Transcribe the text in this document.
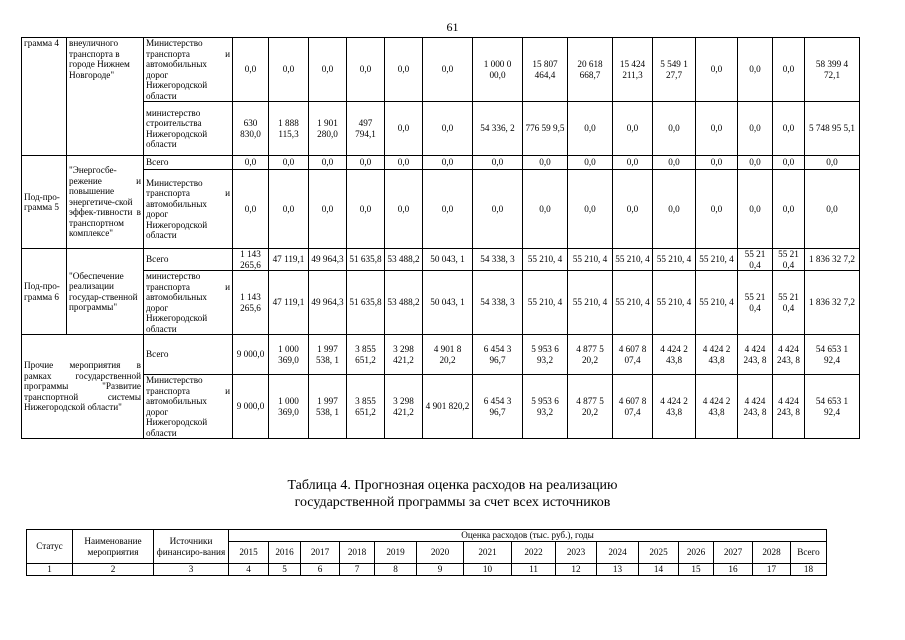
61
грамма 4	внеуличного транспорта в городе Нижнем Новгороде"	Министерство транспорта и автомобильных дорог Нижегородской области	0,0	0,0	0,0	0,0	0,0	0,0	1 000 0 00,0	15 807 464,4	20 618 668,7	15 424 211,3	5 549 1 27,7	0,0	0,0	0,0	58 399 4 72,1
		министерство строительства Нижегородской области	630 830,0	1 888 115,3	1 901 280,0	497 794,1	0,0	0,0	54 336, 2	776 59 9,5	0,0	0,0	0,0	0,0	0,0	0,0	5 748 95 5,1
Под-про-грамма 5	"Энергосбе-режение и повышение энергетиче-ской эффек-тивности в транспортном комплексе"	Всего	0,0	0,0	0,0	0,0	0,0	0,0	0,0	0,0	0,0	0,0	0,0	0,0	0,0	0,0	0,0
		Министерство транспорта и автомобильных дорог Нижегородской области	0,0	0,0	0,0	0,0	0,0	0,0	0,0	0,0	0,0	0,0	0,0	0,0	0,0	0,0	0,0
Под-про-грамма 6	"Обеспечение реализации государ-ственной программы"	Всего	1 143 265,6	47 119,1	49 964,3	51 635,8	53 488,2	50 043, 1	54 338, 3	55 210, 4	55 210, 4	55 210, 4	55 210, 4	55 210, 4	55 21 0,4	55 21 0,4	1 836 32 7,2
		министерство транспорта и автомобильных дорог Нижегородской области	1 143 265,6	47 119,1	49 964,3	51 635,8	53 488,2	50 043, 1	54 338, 3	55 210, 4	55 210, 4	55 210, 4	55 210, 4	55 210, 4	55 21 0,4	55 21 0,4	1 836 32 7,2
Прочие мероприятия в рамках государственной программы "Развитие транспортной системы Нижегородской области"		Всего	9 000,0	1 000 369,0	1 997 538, 1	3 855 651,2	3 298 421,2	4 901 8 20,2	6 454 3 96,7	5 953 6 93,2	4 877 5 20,2	4 607 8 07,4	4 424 2 43,8	4 424 2 43,8	4 424 243, 8	4 424 243, 8	54 653 1 92,4
		Министерство транспорта и автомобильных дорог Нижегородской области	9 000,0	1 000 369,0	1 997 538, 1	3 855 651,2	3 298 421,2	4 901 820,2	6 454 3 96,7	5 953 6 93,2	4 877 5 20,2	4 607 8 07,4	4 424 2 43,8	4 424 2 43,8	4 424 243, 8	4 424 243, 8	54 653 1 92,4
Таблица 4. Прогнозная оценка расходов на реализацию
государственной программы за счет всех источников
Статус	Наименование мероприятия	Источники финансиро-вания	Оценка расходов (тыс. руб.), годы														
			2015	2016	2017	2018	2019	2020	2021	2022	2023	2024	2025	2026	2027	2028	Всего
1	2	3	4	5	6	7	8	9	10	11	12	13	14	15	16	17	18
